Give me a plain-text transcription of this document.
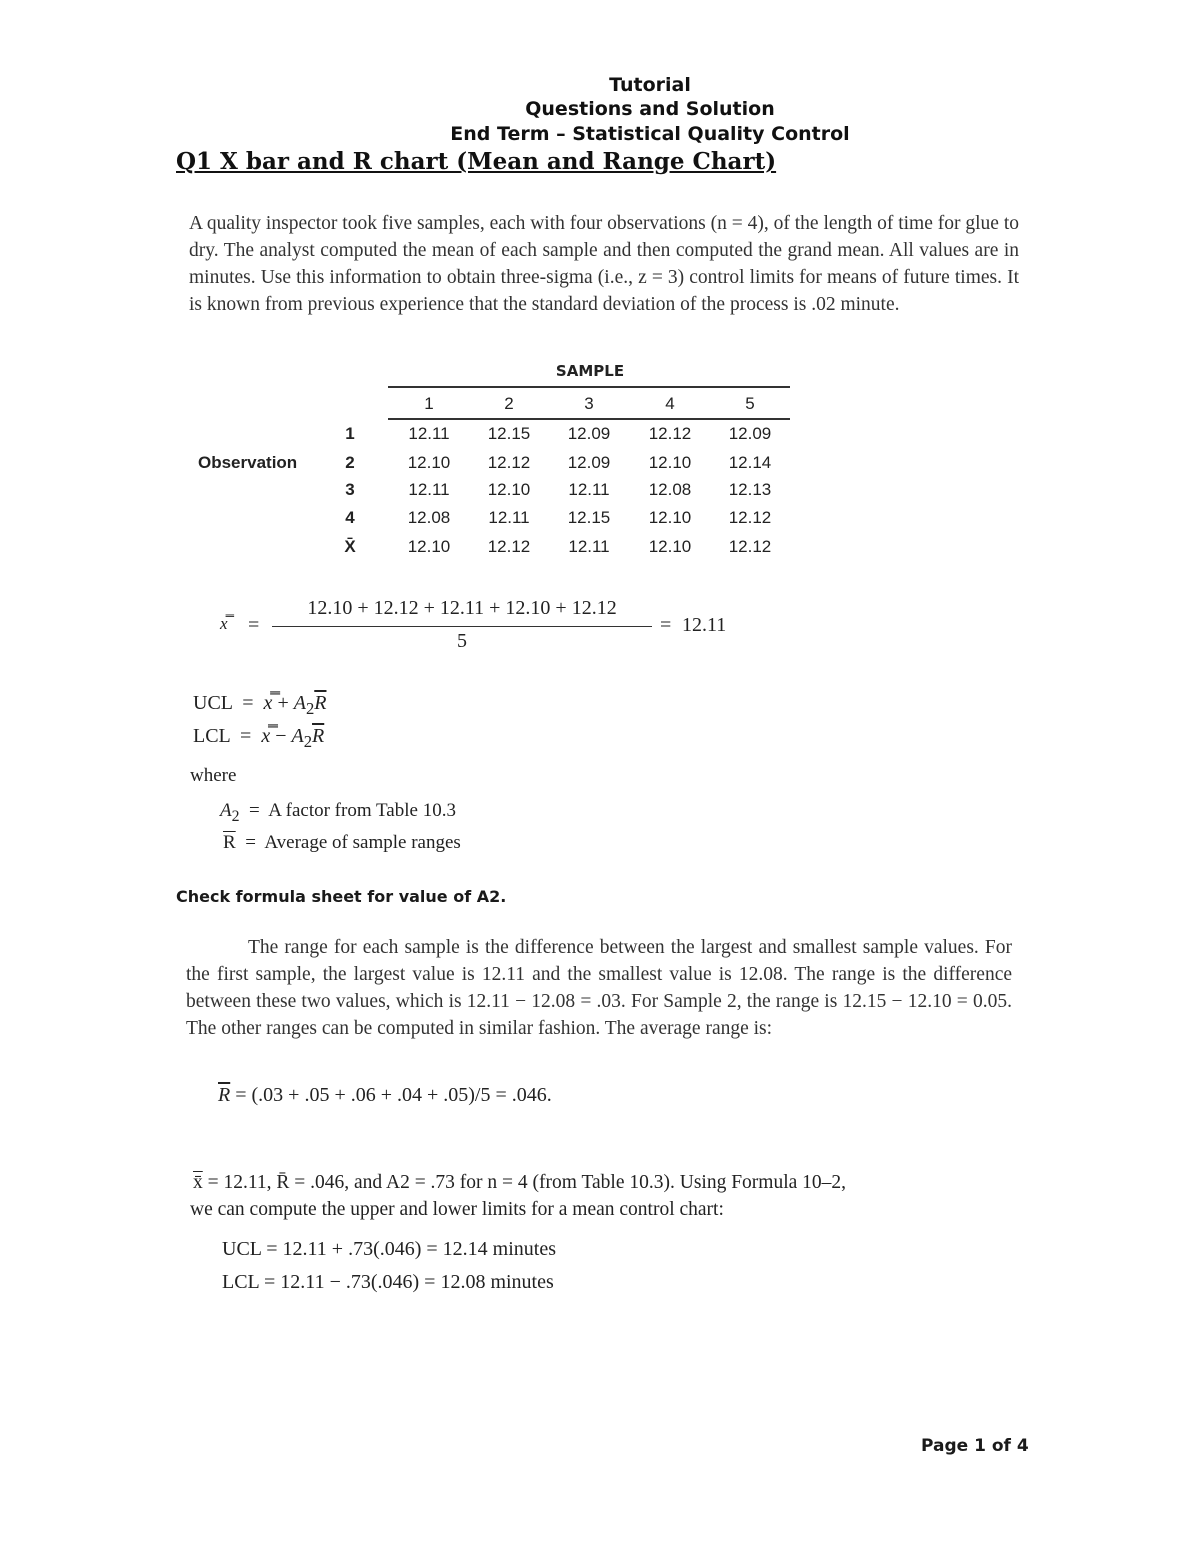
Tutorial
Questions and Solution
End Term – Statistical Quality Control
Q1 X bar and R chart (Mean and Range Chart)
A quality inspector took five samples, each with four observations (n = 4), of the length of time for glue to dry. The analyst computed the mean of each sample and then computed the grand mean. All values are in minutes. Use this information to obtain three-sigma (i.e., z = 3) control limits for means of future times. It is known from previous experience that the standard deviation of the process is .02 minute.
SAMPLE
1	2	3	4	5
Observation
1	12.11	12.15	12.09	12.12	12.09
2	12.10	12.12	12.09	12.10	12.14
3	12.11	12.10	12.11	12.08	12.13
4	12.08	12.11	12.15	12.10	12.12
X̄	12.10	12.12	12.11	12.10	12.12
x̿ =
12.10 + 12.12 + 12.11 + 12.10 + 12.12
5
= 12.11
UCL  =  x̿ + $A_2\overline{R}$
LCL  =  x̿ − $A_2\overline{R}$
where
$A_2 = A$ factor from Table 10.3
$\overline{R}$  =  Average of sample ranges
Check formula sheet for value of A2.
The range for each sample is the difference between the largest and smallest sample values. For the first sample, the largest value is 12.11 and the smallest value is 12.08. The range is the difference between these two values, which is 12.11 − 12.08 = .03. For Sample 2, the range is 12.15 − 12.10 = 0.05. The other ranges can be computed in similar fashion. The average range is:
$\overline{R} = (.03 + .05 + .06 + .04 + .05)/5 = .046$.
x̄ = 12.11, R̄ = .046, and A2 = .73 for n = 4 (from Table 10.3). Using Formula 10–2,
we can compute the upper and lower limits for a mean control chart:
UCL = 12.11 + .73(.046) = 12.14 minutes
LCL = 12.11 − .73(.046) = 12.08 minutes
Page 1 of 4
